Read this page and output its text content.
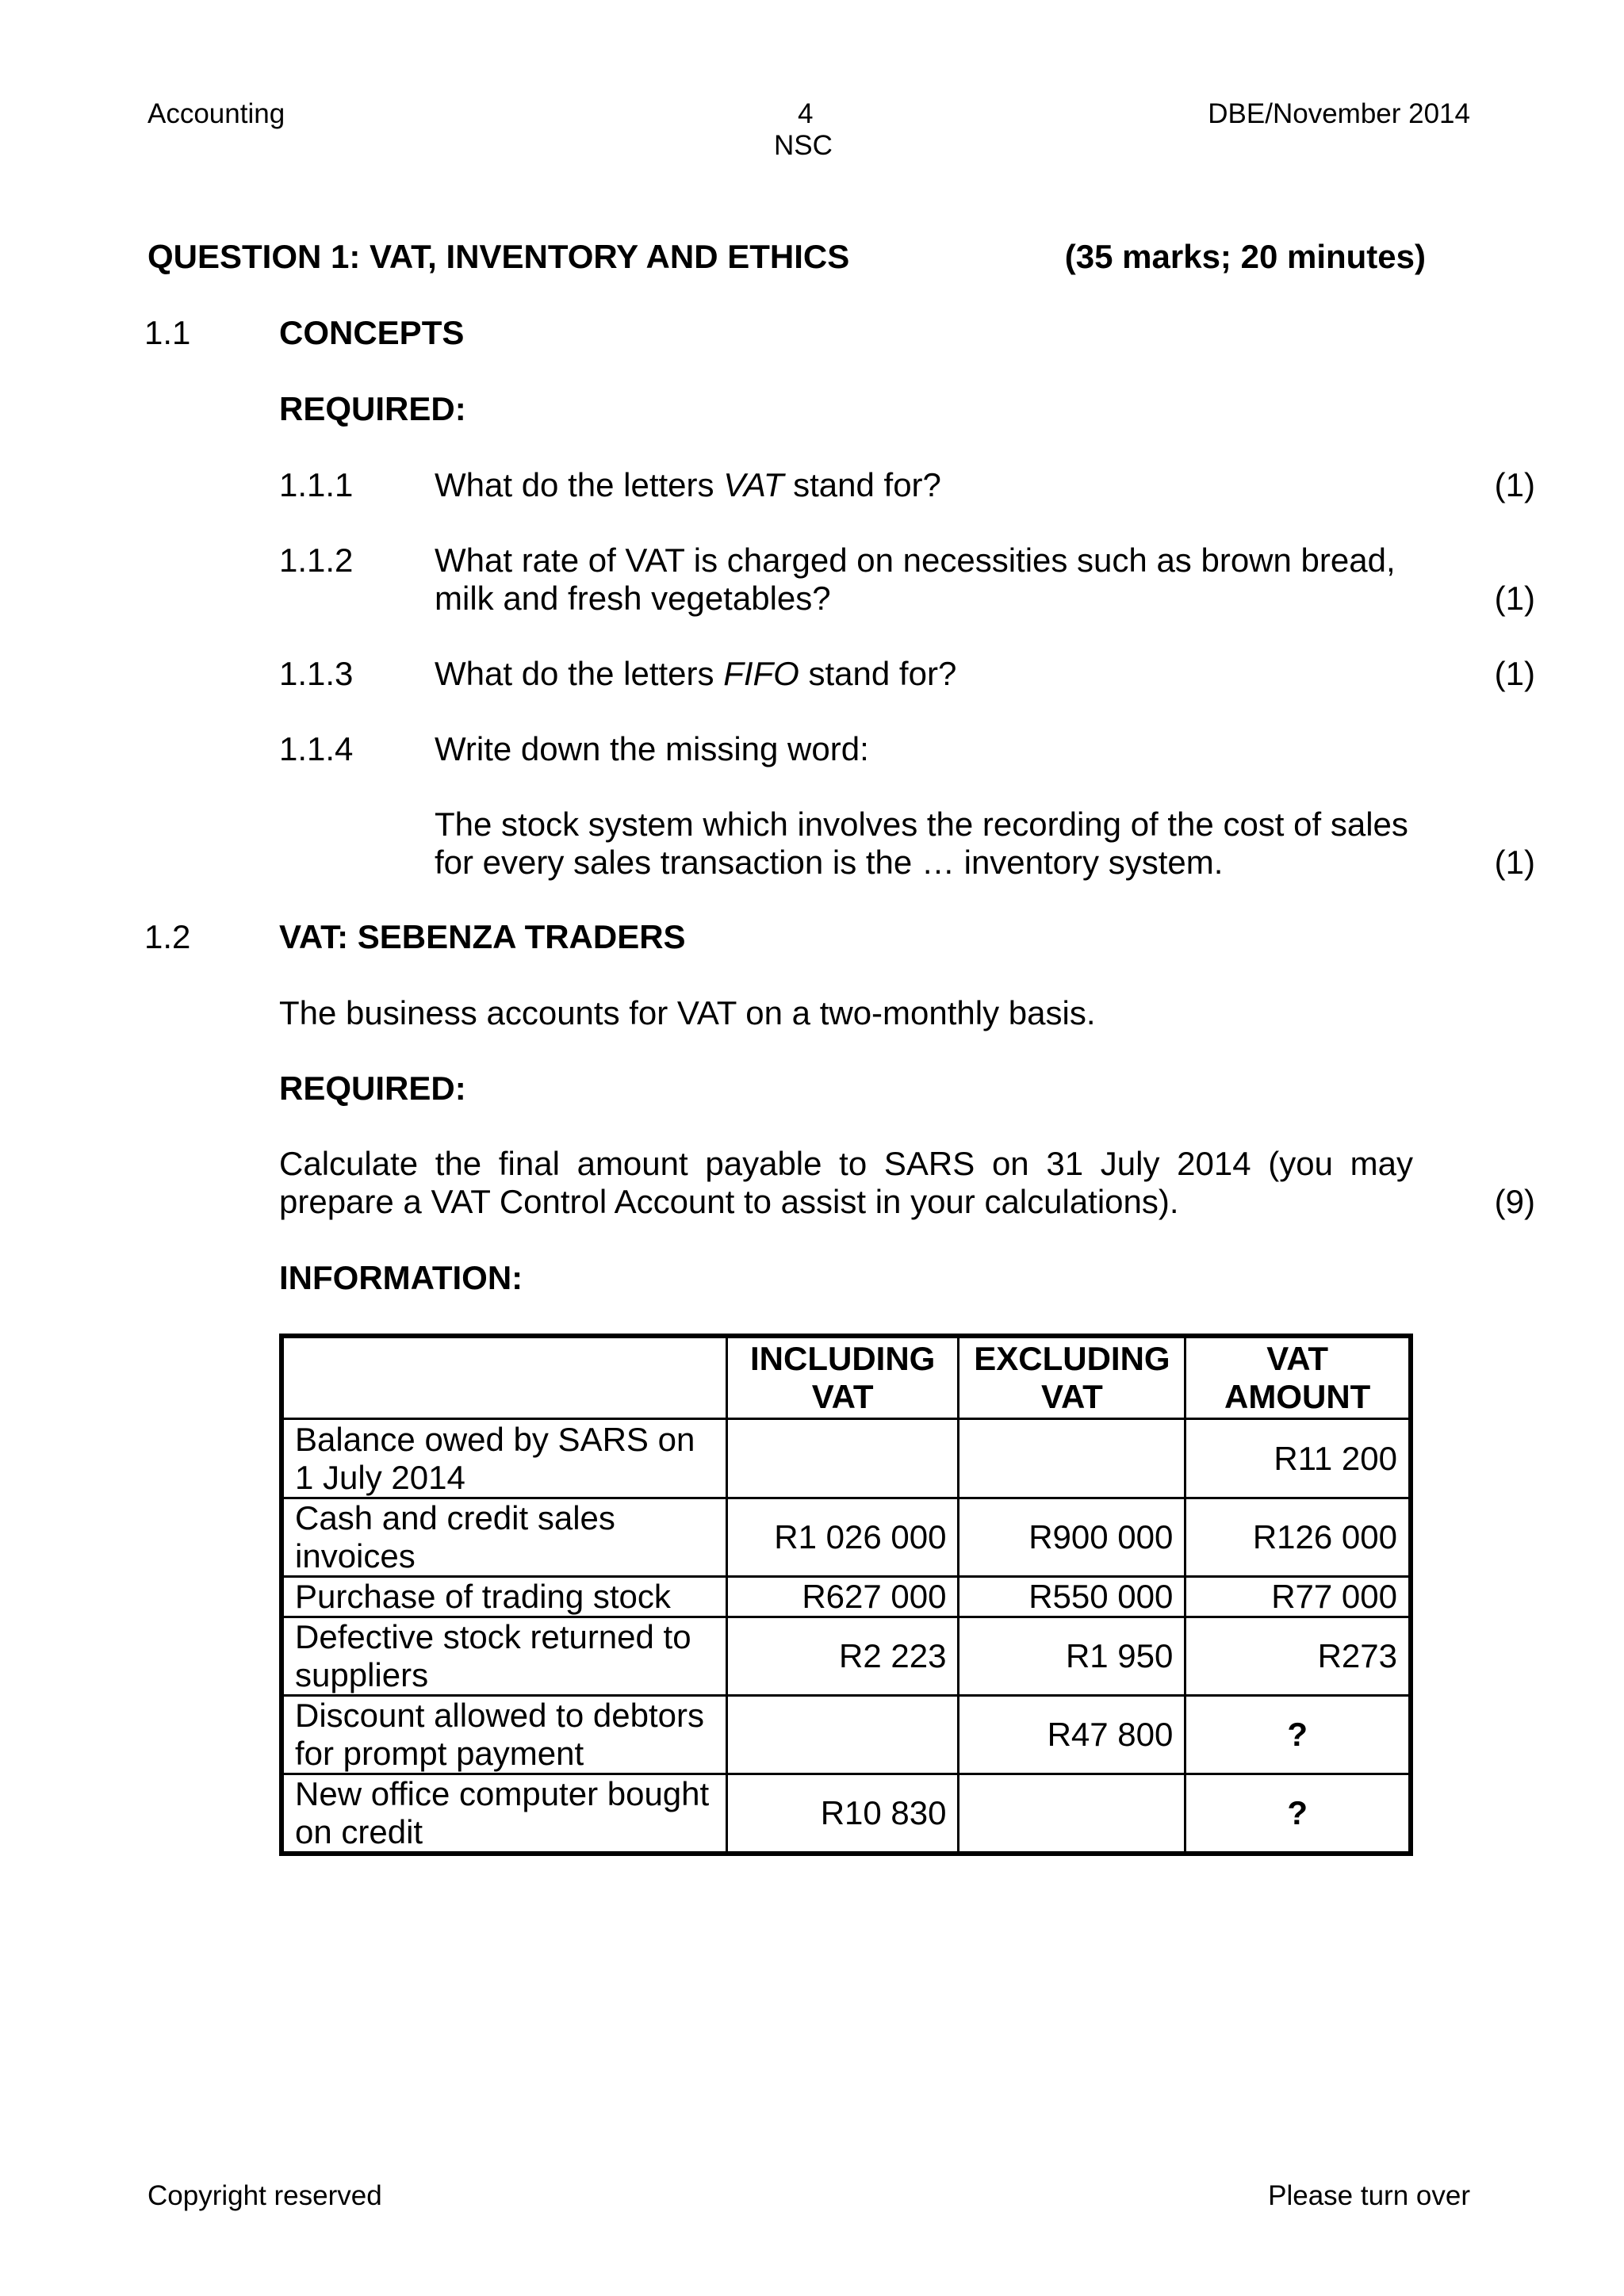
Accounting	4
NSC
DBE/November 2014
QUESTION 1: VAT, INVENTORY AND ETHICS	(35 marks; 20 minutes)
1.1	CONCEPTS
REQUIRED:
1.1.1 What do the letters VAT stand for?	(1)
1.1.2 What rate of VAT is charged on necessities such as brown bread,
milk and fresh vegetables?	(1)
1.1.3 What do the letters FIFO stand for?	(1)
1.1.4 Write down the missing word:
The stock system which involves the recording of the cost of sales
for every sales transaction is the … inventory system.	(1)
1.2	VAT: SEBENZA TRADERS
The business accounts for VAT on a two-monthly basis.
REQUIRED:
Calculate the final amount payable to SARS on 31 July 2014 (you may
prepare a VAT Control Account to assist in your calculations).	(9)
INFORMATION:
	INCLUDING VAT	EXCLUDING VAT	VAT AMOUNT
Balance owed by SARS on 1 July 2014			R11 200
Cash and credit sales invoices	R1 026 000	R900 000	R126 000
Purchase of trading stock	R627 000	R550 000	R77 000
Defective stock returned to suppliers	R2 223	R1 950	R273
Discount allowed to debtors for prompt payment		R47 800	?
New office computer bought on credit	R10 830		?
Copyright reserved	Please turn over
